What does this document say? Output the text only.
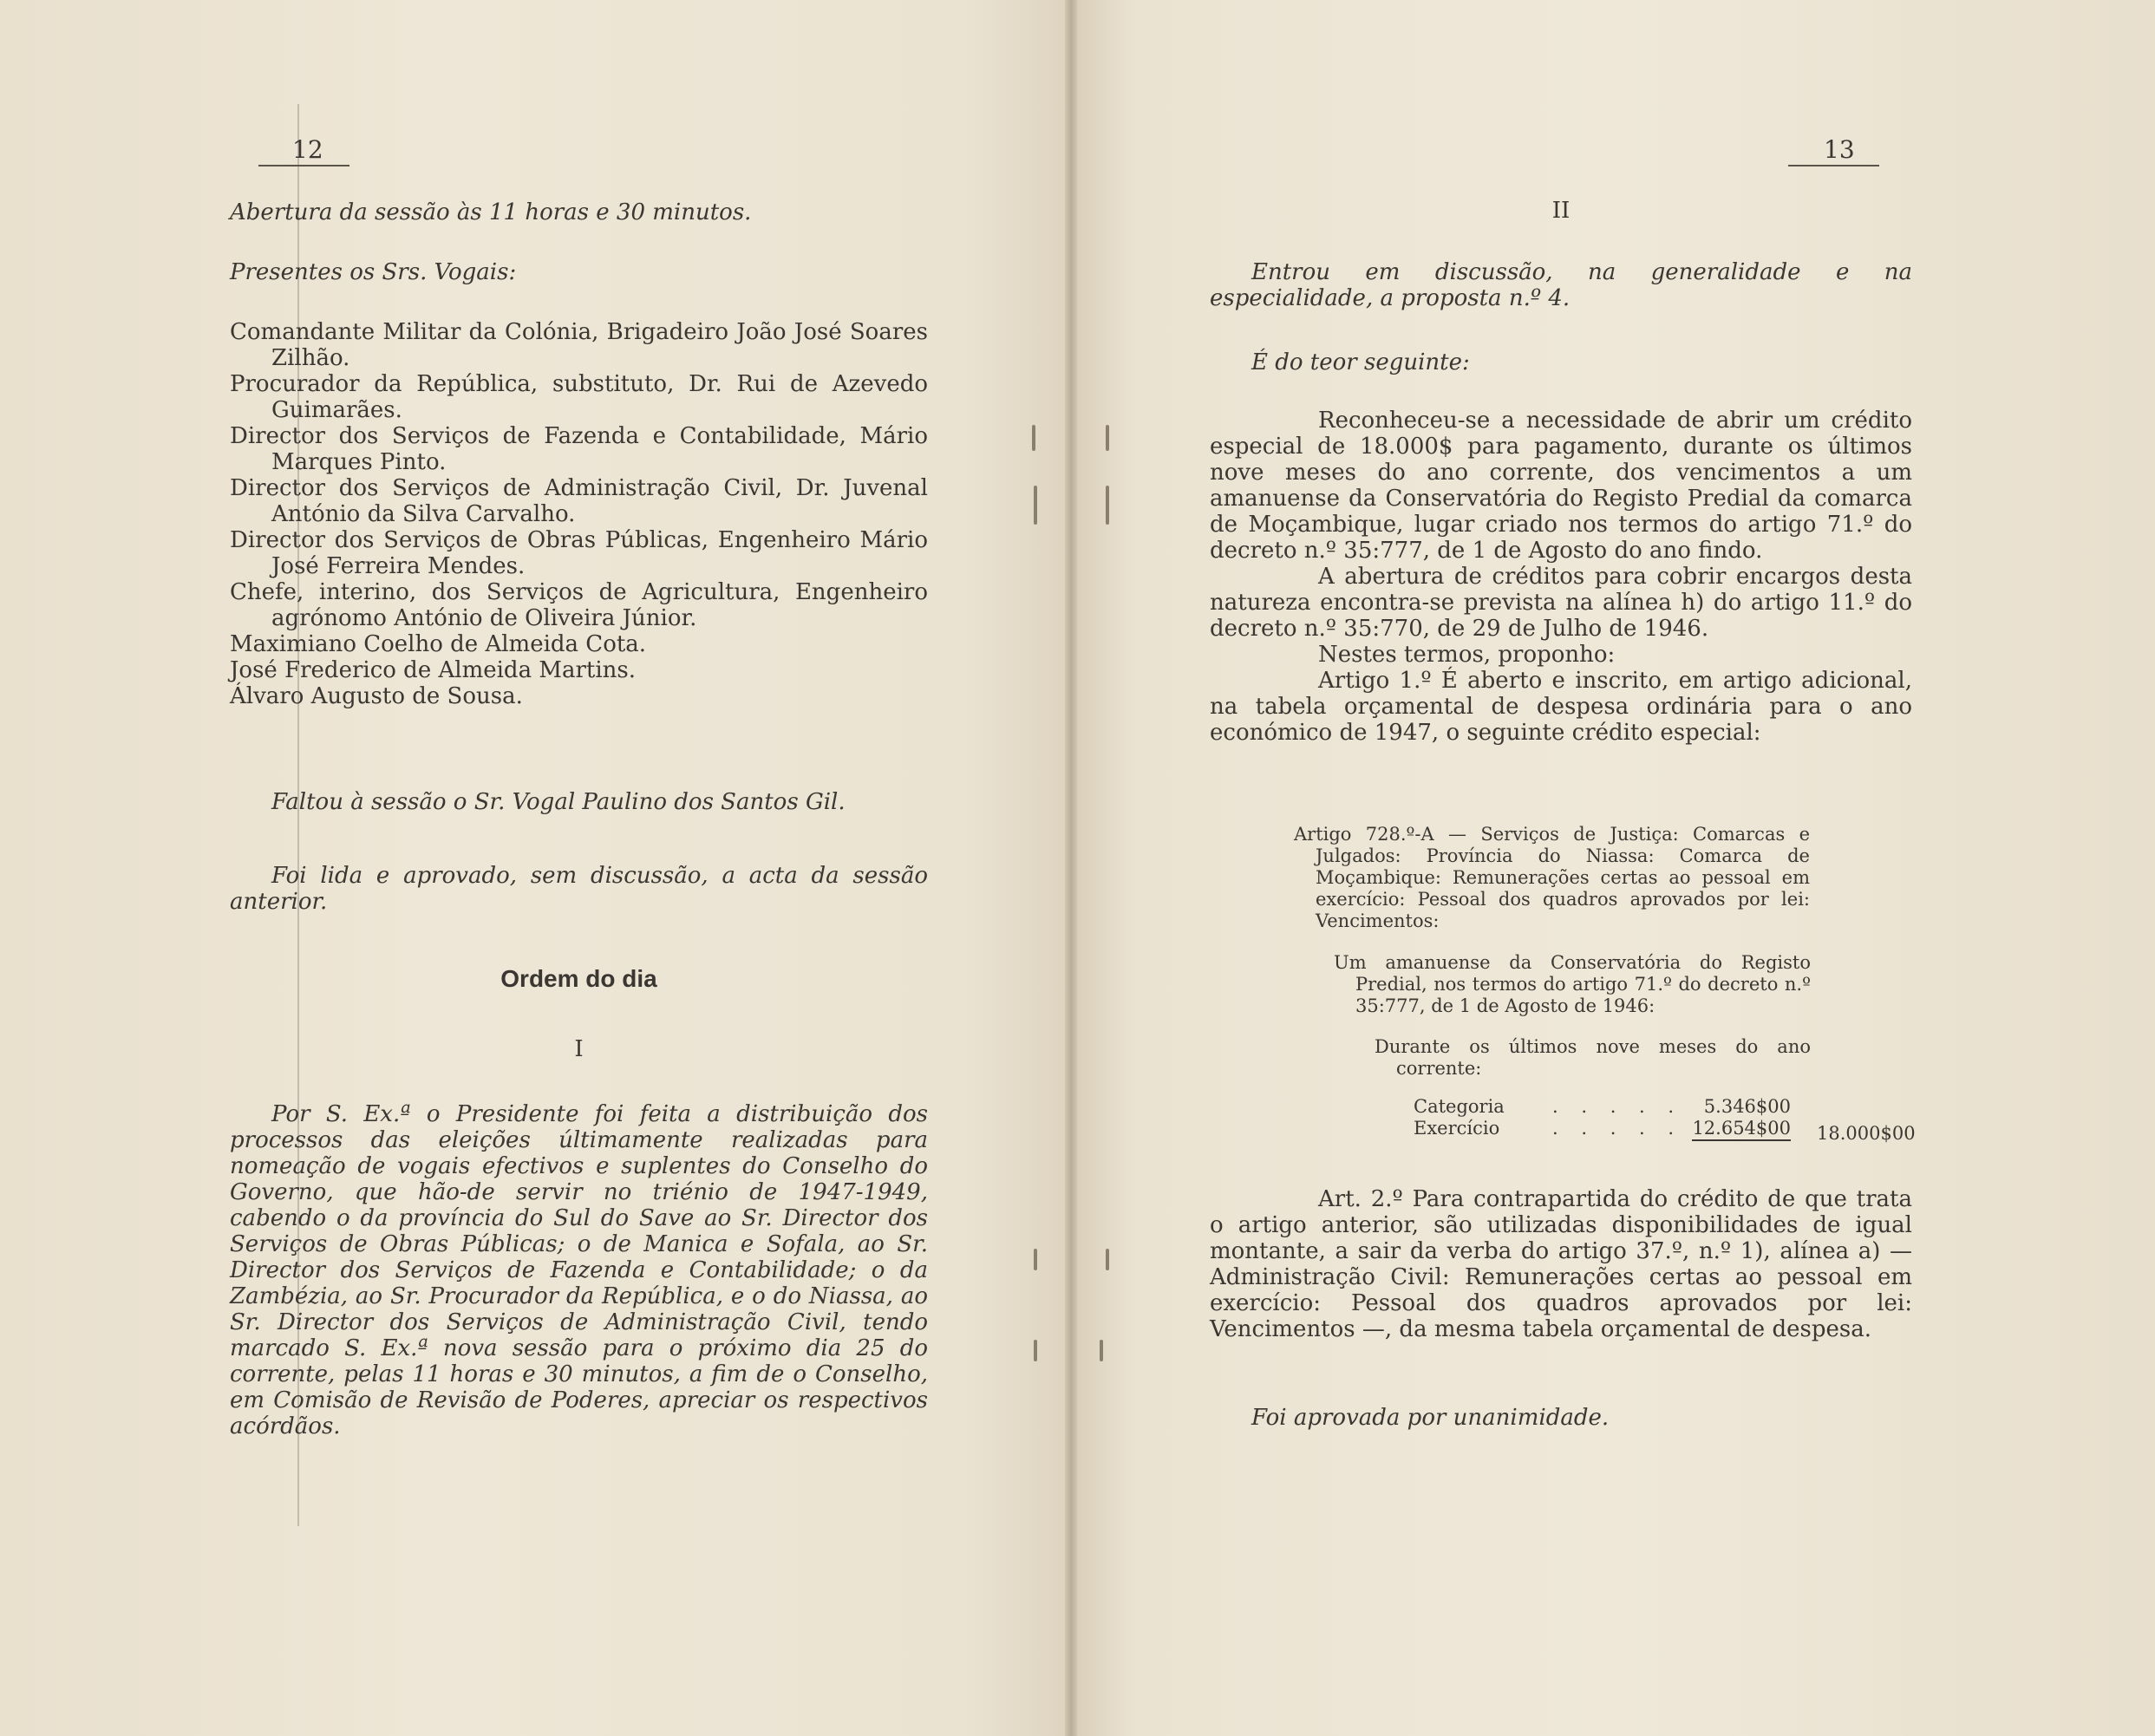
12

Abertura da sessão às 11 horas e 30 minutos.

Presentes os Srs. Vogais:

Comandante Militar da Colónia, Brigadeiro João José Soares Zilhão.

Procurador da República, substituto, Dr. Rui de Azevedo Guimarães.

Director dos Serviços de Fazenda e Contabilidade, Mário Marques Pinto.

Director dos Serviços de Administração Civil, Dr. Juvenal António da Silva Carvalho.

Director dos Serviços de Obras Públicas, Engenheiro Mário José Ferreira Mendes.

Chefe, interino, dos Serviços de Agricultura, Engenheiro agrónomo António de Oliveira Júnior.

Maximiano Coelho de Almeida Cota.

José Frederico de Almeida Martins.

Álvaro Augusto de Sousa.

Faltou à sessão o Sr. Vogal Paulino dos Santos Gil.

Foi lida e aprovado, sem discussão, a acta da sessão anterior.

Ordem do dia

I

Por S. Ex.ª o Presidente foi feita a distribuição dos processos das eleições últimamente realizadas para nomeação de vogais efectivos e suplentes do Conselho do Governo, que hão-de servir no triénio de 1947-1949, cabendo o da província do Sul do Save ao Sr. Director dos Serviços de Obras Públicas; o de Manica e Sofala, ao Sr. Director dos Serviços de Fazenda e Contabilidade; o da Zambézia, ao Sr. Procurador da República, e o do Niassa, ao Sr. Director dos Serviços de Administração Civil, tendo marcado S. Ex.ª nova sessão para o próximo dia 25 do corrente, pelas 11 horas e 30 minutos, a fim de o Conselho, em Comisão de Revisão de Poderes, apreciar os respectivos acórdãos.

13

II

Entrou em discussão, na generalidade e na especialidade, a proposta n.º 4.

É do teor seguinte:

Reconheceu-se a necessidade de abrir um crédito especial de 18.000$ para pagamento, durante os últimos nove meses do ano corrente, dos vencimentos a um amanuense da Conservatória do Registo Predial da comarca de Moçambique, lugar criado nos termos do artigo 71.º do decreto n.º 35:777, de 1 de Agosto do ano findo.

A abertura de créditos para cobrir encargos desta natureza encontra-se prevista na alínea h) do artigo 11.º do decreto n.º 35:770, de 29 de Julho de 1946.

Nestes termos, proponho:

Artigo 1.º É aberto e inscrito, em artigo adicional, na tabela orçamental de despesa ordinária para o ano económico de 1947, o seguinte crédito especial:

Artigo 728.º-A — Serviços de Justiça: Comarcas e Julgados: Província do Niassa: Comarca de Moçambique: Remunerações certas ao pessoal em exercício: Pessoal dos quadros aprovados por lei: Vencimentos:

Um amanuense da Conservatória do Registo Predial, nos termos do artigo 71.º do decreto n.º 35:777, de 1 de Agosto de 1946:

Durante os últimos nove meses do ano corrente:

Categoria	. . . . . 5.346$00
Exercício	. . . . . 12.654$00 18.000$00

Art. 2.º Para contrapartida do crédito de que trata o artigo anterior, são utilizadas disponibilidades de igual montante, a sair da verba do artigo 37.º, n.º 1), alínea a) — Administração Civil: Remunerações certas ao pessoal em exercício: Pessoal dos quadros aprovados por lei: Vencimentos —, da mesma tabela orçamental de despesa.

Foi aprovada por unanimidade.
